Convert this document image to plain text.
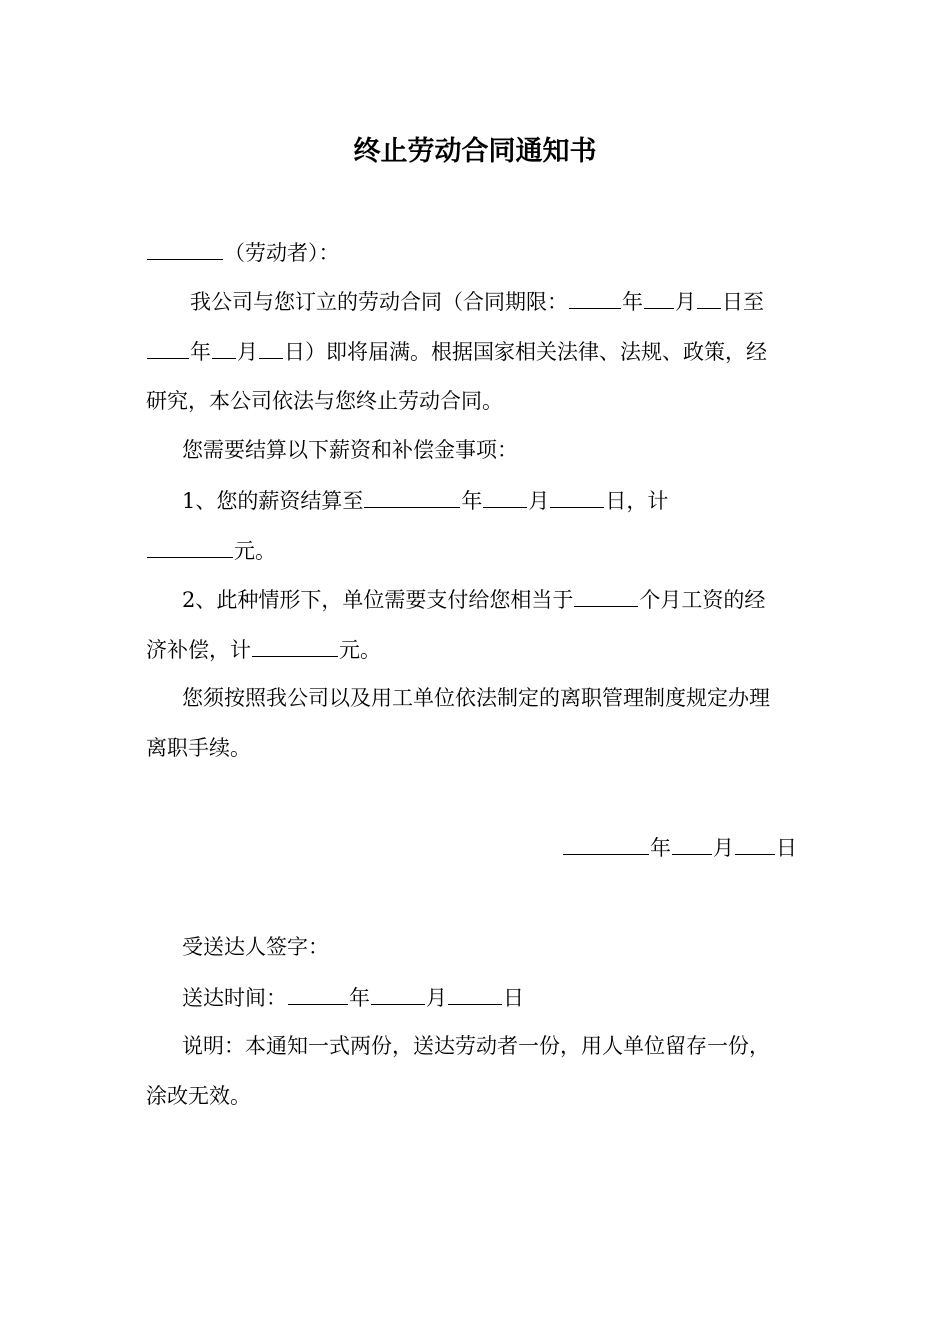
终止劳动合同通知书
（劳动者）：
我公司与您订立的劳动合同（合同期限：	年 月 日至
年 月 日）即将届满。根据国家相关法律、法规、政策，经
研究，本公司依法与您终止劳动合同。
您需要结算以下薪资和补偿金事项：
1、您的薪资结算至	年 月	日，计
元。
2、此种情形下，单位需要支付给您相当于	个月工资的经
济补偿，计	元。
您须按照我公司以及用工单位依法制定的离职管理制度规定办理
离职手续。
年 月 日
受送达人签字：
送达时间：	年	月	日
说明：本通知一式两份，送达劳动者一份，用人单位留存一份，
涂改无效。
